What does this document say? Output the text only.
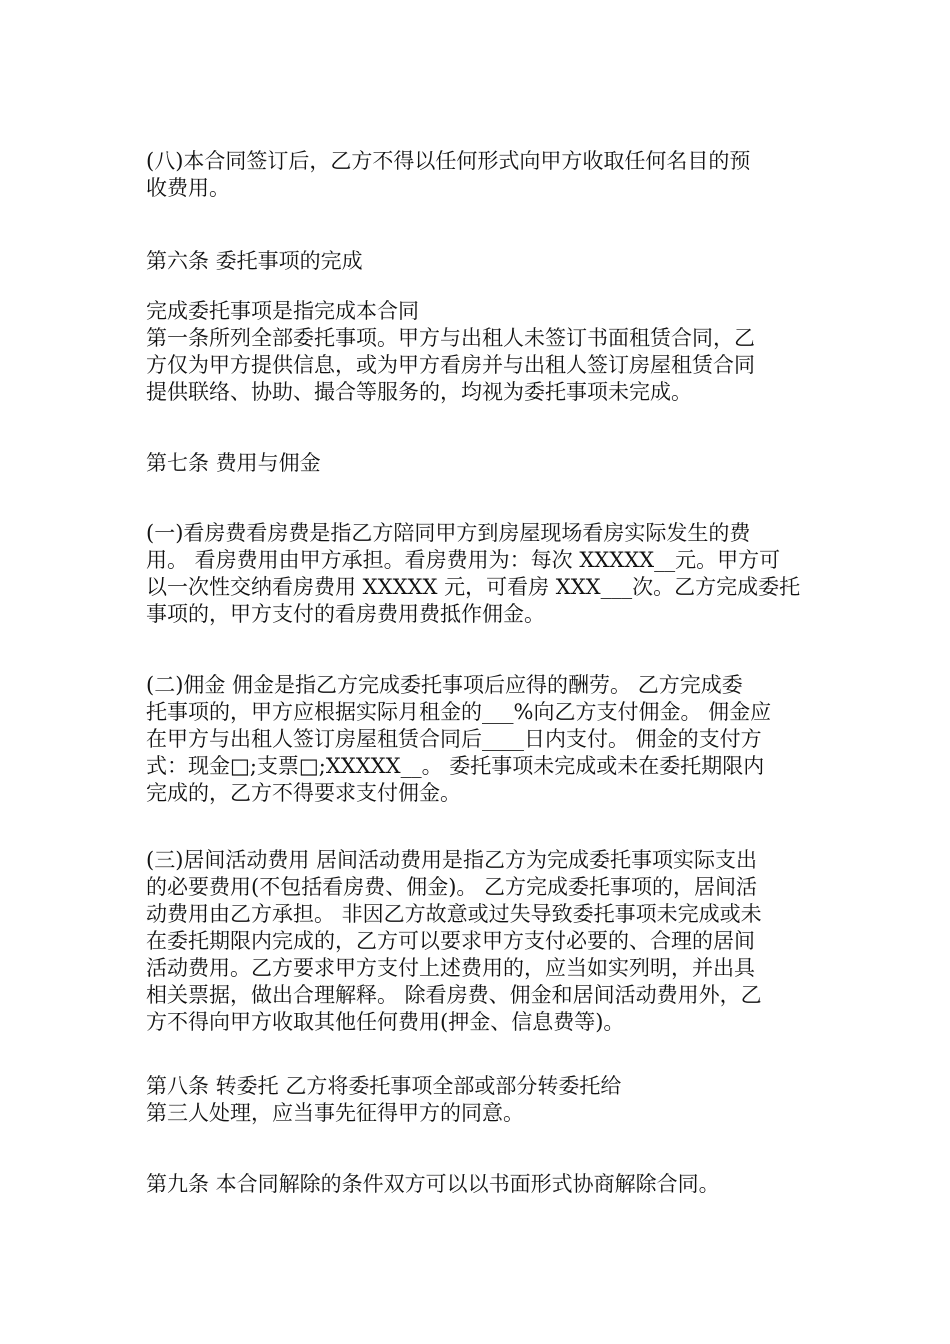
(八)本合同签订后，乙方不得以任何形式向甲方收取任何名目的预
收费用。
第六条 委托事项的完成
完成委托事项是指完成本合同
第一条所列全部委托事项。甲方与出租人未签订书面租赁合同，乙
方仅为甲方提供信息，或为甲方看房并与出租人签订房屋租赁合同
提供联络、协助、撮合等服务的，均视为委托事项未完成。
第七条 费用与佣金
(一)看房费看房费是指乙方陪同甲方到房屋现场看房实际发生的费
用。 看房费用由甲方承担。看房费用为：每次 XXXXX__元。甲方可
以一次性交纳看房费用 XXXXX 元，可看房 XXX___次。乙方完成委托
事项的，甲方支付的看房费用费抵作佣金。
(二)佣金 佣金是指乙方完成委托事项后应得的酬劳。 乙方完成委
托事项的，甲方应根据实际月租金的___%向乙方支付佣金。 佣金应
在甲方与出租人签订房屋租赁合同后____日内支付。 佣金的支付方
式：现金□;支票□;XXXXX__。 委托事项未完成或未在委托期限内
完成的，乙方不得要求支付佣金。
(三)居间活动费用 居间活动费用是指乙方为完成委托事项实际支出
的必要费用(不包括看房费、佣金)。 乙方完成委托事项的，居间活
动费用由乙方承担。 非因乙方故意或过失导致委托事项未完成或未
在委托期限内完成的，乙方可以要求甲方支付必要的、合理的居间
活动费用。乙方要求甲方支付上述费用的，应当如实列明，并出具
相关票据，做出合理解释。 除看房费、佣金和居间活动费用外，乙
方不得向甲方收取其他任何费用(押金、信息费等)。
第八条 转委托 乙方将委托事项全部或部分转委托给
第三人处理，应当事先征得甲方的同意。
第九条 本合同解除的条件双方可以以书面形式协商解除合同。
